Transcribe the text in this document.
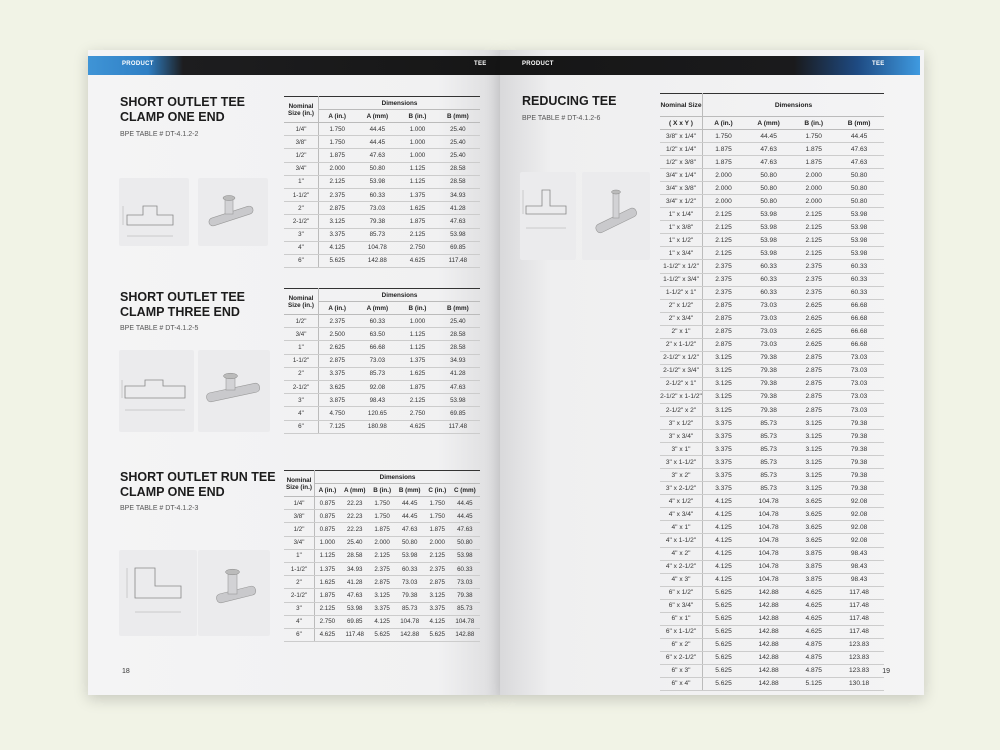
PRODUCT	TEE
SHORT OUTLET TEE
CLAMP ONE END
BPE TABLE # DT-4.1.2-2
Nominal Size (in.)	Dimensions			
	A (in.)	A (mm)	B (in.)	B (mm)
1/4"	1.750	44.45	1.000	25.40
3/8"	1.750	44.45	1.000	25.40
1/2"	1.875	47.63	1.000	25.40
3/4"	2.000	50.80	1.125	28.58
1"	2.125	53.98	1.125	28.58
1-1/2"	2.375	60.33	1.375	34.93
2"	2.875	73.03	1.625	41.28
2-1/2"	3.125	79.38	1.875	47.63
3"	3.375	85.73	2.125	53.98
4"	4.125	104.78	2.750	69.85
6"	5.625	142.88	4.625	117.48
SHORT OUTLET TEE
CLAMP THREE END
BPE TABLE # DT-4.1.2-5
Nominal Size (in.)	Dimensions			
	A (in.)	A (mm)	B (in.)	B (mm)
1/2"	2.375	60.33	1.000	25.40
3/4"	2.500	63.50	1.125	28.58
1"	2.625	66.68	1.125	28.58
1-1/2"	2.875	73.03	1.375	34.93
2"	3.375	85.73	1.625	41.28
2-1/2"	3.625	92.08	1.875	47.63
3"	3.875	98.43	2.125	53.98
4"	4.750	120.65	2.750	69.85
6"	7.125	180.98	4.625	117.48
SHORT OUTLET RUN TEE
CLAMP ONE END
BPE TABLE # DT-4.1.2-3
Nominal Size (in.)	Dimensions					
	A (in.)	A (mm)	B (in.)	B (mm)	C (in.)	C (mm)
1/4"	0.875	22.23	1.750	44.45	1.750	44.45
3/8"	0.875	22.23	1.750	44.45	1.750	44.45
1/2"	0.875	22.23	1.875	47.63	1.875	47.63
3/4"	1.000	25.40	2.000	50.80	2.000	50.80
1"	1.125	28.58	2.125	53.98	2.125	53.98
1-1/2"	1.375	34.93	2.375	60.33	2.375	60.33
2"	1.625	41.28	2.875	73.03	2.875	73.03
2-1/2"	1.875	47.63	3.125	79.38	3.125	79.38
3"	2.125	53.98	3.375	85.73	3.375	85.73
4"	2.750	69.85	4.125	104.78	4.125	104.78
6"	4.625	117.48	5.625	142.88	5.625	142.88
18
PRODUCT	TEE
REDUCING TEE
BPE TABLE # DT-4.1.2-6
Nominal Size	Dimensions			
( X x Y )	A (in.)	A (mm)	B (in.)	B (mm)
3/8" x 1/4"	1.750	44.45	1.750	44.45
1/2" x 1/4"	1.875	47.63	1.875	47.63
1/2" x 3/8"	1.875	47.63	1.875	47.63
3/4" x 1/4"	2.000	50.80	2.000	50.80
3/4" x 3/8"	2.000	50.80	2.000	50.80
3/4" x 1/2"	2.000	50.80	2.000	50.80
1" x 1/4"	2.125	53.98	2.125	53.98
1" x 3/8"	2.125	53.98	2.125	53.98
1" x 1/2"	2.125	53.98	2.125	53.98
1" x 3/4"	2.125	53.98	2.125	53.98
1-1/2" x 1/2"	2.375	60.33	2.375	60.33
1-1/2" x 3/4"	2.375	60.33	2.375	60.33
1-1/2" x 1"	2.375	60.33	2.375	60.33
2" x 1/2"	2.875	73.03	2.625	66.68
2" x 3/4"	2.875	73.03	2.625	66.68
2" x 1"	2.875	73.03	2.625	66.68
2" x 1-1/2"	2.875	73.03	2.625	66.68
2-1/2" x 1/2"	3.125	79.38	2.875	73.03
2-1/2" x 3/4"	3.125	79.38	2.875	73.03
2-1/2" x 1"	3.125	79.38	2.875	73.03
2-1/2" x 1-1/2"	3.125	79.38	2.875	73.03
2-1/2" x 2"	3.125	79.38	2.875	73.03
3" x 1/2"	3.375	85.73	3.125	79.38
3" x 3/4"	3.375	85.73	3.125	79.38
3" x 1"	3.375	85.73	3.125	79.38
3" x 1-1/2"	3.375	85.73	3.125	79.38
3" x 2"	3.375	85.73	3.125	79.38
3" x 2-1/2"	3.375	85.73	3.125	79.38
4" x 1/2"	4.125	104.78	3.625	92.08
4" x 3/4"	4.125	104.78	3.625	92.08
4" x 1"	4.125	104.78	3.625	92.08
4" x 1-1/2"	4.125	104.78	3.625	92.08
4" x 2"	4.125	104.78	3.875	98.43
4" x 2-1/2"	4.125	104.78	3.875	98.43
4" x 3"	4.125	104.78	3.875	98.43
6" x 1/2"	5.625	142.88	4.625	117.48
6" x 3/4"	5.625	142.88	4.625	117.48
6" x 1"	5.625	142.88	4.625	117.48
6" x 1-1/2"	5.625	142.88	4.625	117.48
6" x 2"	5.625	142.88	4.875	123.83
6" x 2-1/2"	5.625	142.88	4.875	123.83
6" x 3"	5.625	142.88	4.875	123.83
6" x 4"	5.625	142.88	5.125	130.18
19
